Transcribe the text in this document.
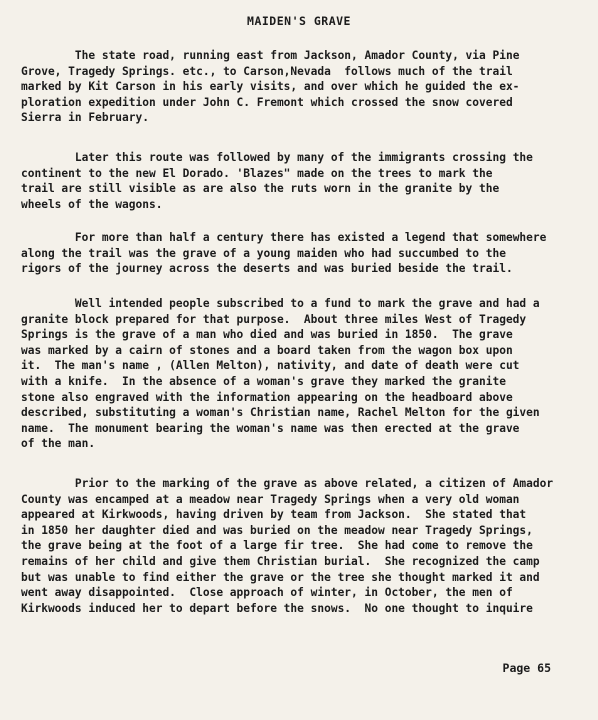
MAIDEN'S GRAVE
The state road, running east from Jackson, Amador County, via Pine
Grove, Tragedy Springs. etc., to Carson,Nevada  follows much of the trail
marked by Kit Carson in his early visits, and over which he guided the ex-
ploration expedition under John C. Fremont which crossed the snow covered
Sierra in February.
Later this route was followed by many of the immigrants crossing the
continent to the new El Dorado. 'Blazes" made on the trees to mark the
trail are still visible as are also the ruts worn in the granite by the
wheels of the wagons.
For more than half a century there has existed a legend that somewhere
along the trail was the grave of a young maiden who had succumbed to the
rigors of the journey across the deserts and was buried beside the trail.
Well intended people subscribed to a fund to mark the grave and had a
granite block prepared for that purpose.  About three miles West of Tragedy
Springs is the grave of a man who died and was buried in 1850.  The grave
was marked by a cairn of stones and a board taken from the wagon box upon
it.  The man's name , (Allen Melton), nativity, and date of death were cut
with a knife.  In the absence of a woman's grave they marked the granite
stone also engraved with the information appearing on the headboard above
described, substituting a woman's Christian name, Rachel Melton for the given
name.  The monument bearing the woman's name was then erected at the grave
of the man.
Prior to the marking of the grave as above related, a citizen of Amador
County was encamped at a meadow near Tragedy Springs when a very old woman
appeared at Kirkwoods, having driven by team from Jackson.  She stated that
in 1850 her daughter died and was buried on the meadow near Tragedy Springs,
the grave being at the foot of a large fir tree.  She had come to remove the
remains of her child and give them Christian burial.  She recognized the camp
but was unable to find either the grave or the tree she thought marked it and
went away disappointed.  Close approach of winter, in October, the men of
Kirkwoods induced her to depart before the snows.  No one thought to inquire
Page 65
